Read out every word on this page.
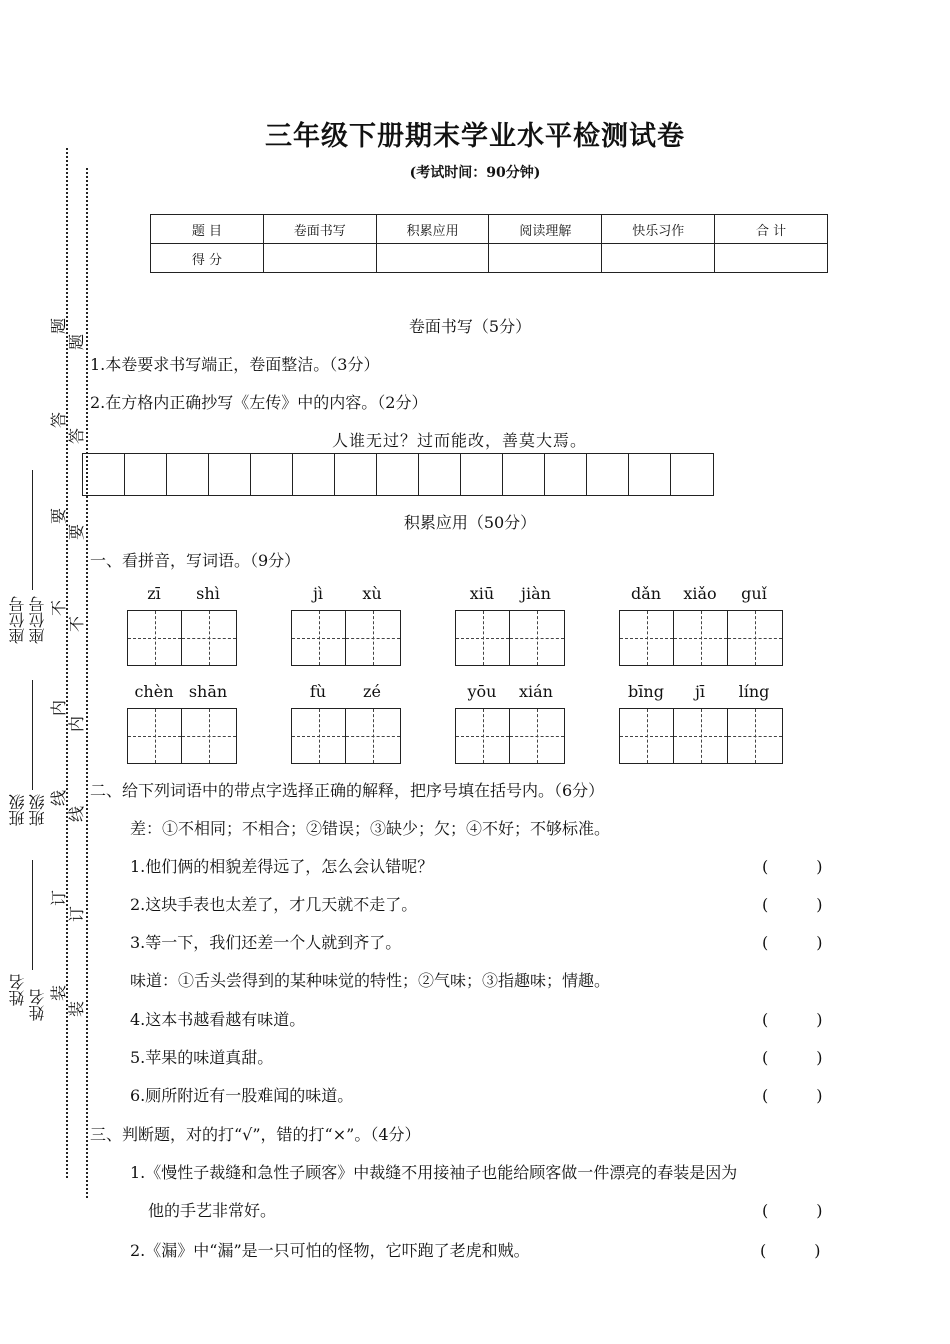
题
题
答
答
要
要
不
不
内
内
线
线
订
订
装
装
座位号 座位号
班级 班级
姓名 姓名
三年级下册期末学业水平检测试卷
(考试时间：90分钟)
题 目	卷面书写	积累应用	阅读理解	快乐习作	合 计
得 分					
卷面书写（5分）
1.本卷要求书写端正，卷面整洁。（3分）
2.在方格内正确抄写《左传》中的内容。（2分）
人谁无过？过而能改，善莫大焉。
积累应用（50分）
一、看拼音，写词语。（9分）
zī	shì	jì	xù	xiū	jiàn	dǎn	xiǎo	guǐ
chèn shān	fù	zé	yōu	xián	bīng	jī	líng
二、给下列词语中的带点字选择正确的解释，把序号填在括号内。（6分）
差：①不相同；不相合；②错误；③缺少；欠；④不好；不够标准。
1.他们俩的相貌差得远了，怎么会认错呢？	(　　　)
2.这块手表也太差了，才几天就不走了。	(　　　)
3.等一下，我们还差一个人就到齐了。	(　　　)
味道：①舌头尝得到的某种味觉的特性；②气味；③指趣味；情趣。
4.这本书越看越有味道。	(　　　)
5.苹果的味道真甜。	(　　　)
6.厕所附近有一股难闻的味道。	(　　　)
三、判断题，对的打“√”，错的打“×”。（4分）
1.《慢性子裁缝和急性子顾客》中裁缝不用接袖子也能给顾客做一件漂亮的春装是因为
他的手艺非常好。	(　　　)
2.《漏》中“漏”是一只可怕的怪物，它吓跑了老虎和贼。	(　　　)
